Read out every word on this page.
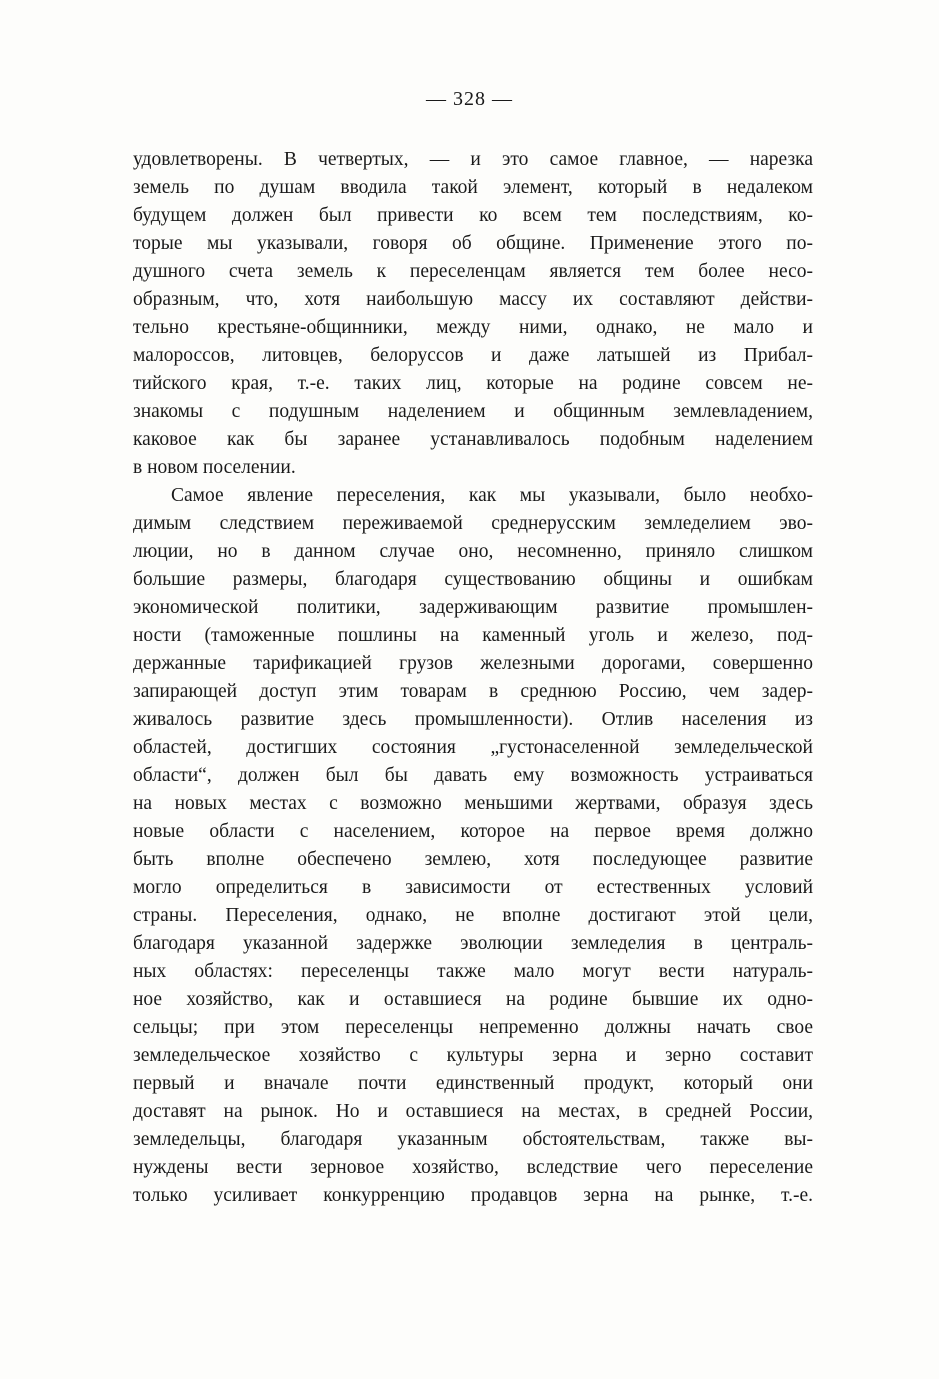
— 328 —
удовлетворены. В четвертых, — и это самое главное, — нарезка
земель по душам вводила такой элемент, который в недалеком
будущем должен был привести ко всем тем последствиям, ко-
торые мы указывали, говоря об общине. Применение этого по-
душного счета земель к переселенцам является тем более несо-
образным, что, хотя наибольшую массу их составляют действи-
тельно крестьяне-общинники, между ними, однако, не мало и
малороссов, литовцев, белоруссов и даже латышей из Прибал-
тийского края, т.-е. таких лиц, которые на родине совсем не-
знакомы с подушным наделением и общинным землевладением,
каковое как бы заранее устанавливалось подобным наделением
в новом поселении.
Самое явление переселения, как мы указывали, было необхо-
димым следствием переживаемой среднерусским земледелием эво-
люции, но в данном случае оно, несомненно, приняло слишком
большие размеры, благодаря существованию общины и ошибкам
экономической политики, задерживающим развитие промышлен-
ности (таможенные пошлины на каменный уголь и железо, под-
держанные тарификацией грузов железными дорогами, совершенно
запирающей доступ этим товарам в среднюю Россию, чем задер-
живалось развитие здесь промышленности). Отлив населения из
областей, достигших состояния „густонаселенной земледельческой
области“, должен был бы давать ему возможность устраиваться
на новых местах с возможно меньшими жертвами, образуя здесь
новые области с населением, которое на первое время должно
быть вполне обеспечено землею, хотя последующее развитие
могло определиться в зависимости от естественных условий
страны. Переселения, однако, не вполне достигают этой цели,
благодаря указанной задержке эволюции земледелия в централь-
ных областях: переселенцы также мало могут вести натураль-
ное хозяйство, как и оставшиеся на родине бывшие их одно-
сельцы; при этом переселенцы непременно должны начать свое
земледельческое хозяйство с культуры зерна и зерно составит
первый и вначале почти единственный продукт, который они
доставят на рынок. Но и оставшиеся на местах, в средней России,
земледельцы, благодаря указанным обстоятельствам, также вы-
нуждены вести зерновое хозяйство, вследствие чего переселение
только усиливает конкурренцию продавцов зерна на рынке, т.-е.
